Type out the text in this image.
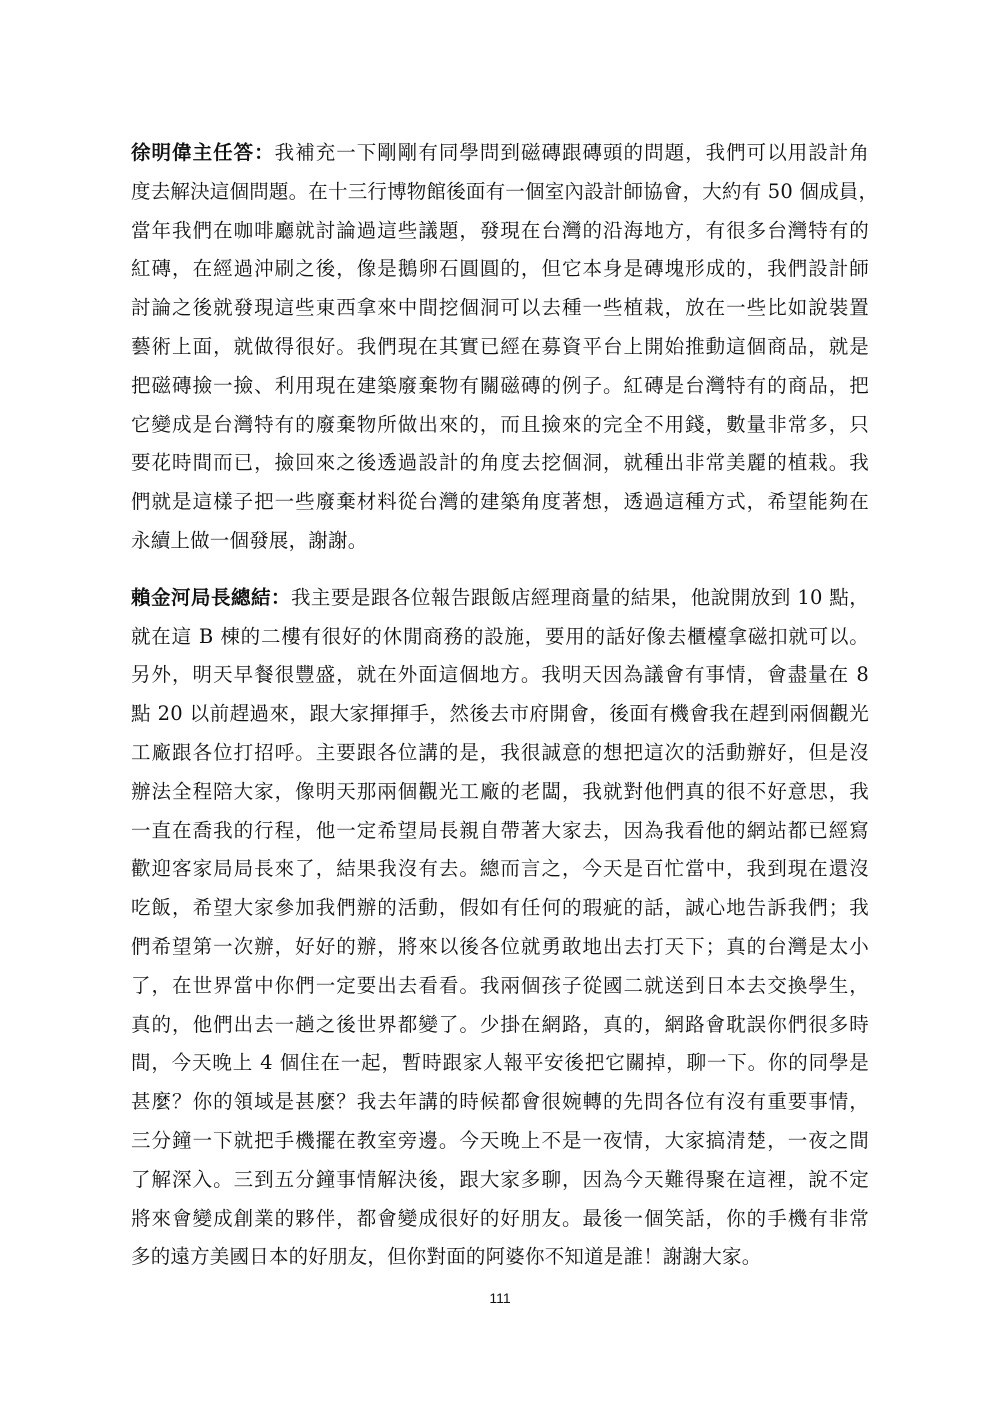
徐明偉主任答：我補充一下剛剛有同學問到磁磚跟磚頭的問題，我們可以用設計角
度去解決這個問題。在十三行博物館後面有一個室內設計師協會，大約有 50 個成員，
當年我們在咖啡廳就討論過這些議題，發現在台灣的沿海地方，有很多台灣特有的
紅磚，在經過沖刷之後，像是鵝卵石圓圓的，但它本身是磚塊形成的，我們設計師
討論之後就發現這些東西拿來中間挖個洞可以去種一些植栽，放在一些比如說裝置
藝術上面，就做得很好。我們現在其實已經在募資平台上開始推動這個商品，就是
把磁磚撿一撿、利用現在建築廢棄物有關磁磚的例子。紅磚是台灣特有的商品，把
它變成是台灣特有的廢棄物所做出來的，而且撿來的完全不用錢，數量非常多，只
要花時間而已，撿回來之後透過設計的角度去挖個洞，就種出非常美麗的植栽。我
們就是這樣子把一些廢棄材料從台灣的建築角度著想，透過這種方式，希望能夠在
永續上做一個發展，謝謝。
賴金河局長總結：我主要是跟各位報告跟飯店經理商量的結果，他說開放到 10 點，
就在這 B 棟的二樓有很好的休閒商務的設施，要用的話好像去櫃檯拿磁扣就可以。
另外，明天早餐很豐盛，就在外面這個地方。我明天因為議會有事情，會盡量在 8
點 20 以前趕過來，跟大家揮揮手，然後去市府開會，後面有機會我在趕到兩個觀光
工廠跟各位打招呼。主要跟各位講的是，我很誠意的想把這次的活動辦好，但是沒
辦法全程陪大家，像明天那兩個觀光工廠的老闆，我就對他們真的很不好意思，我
一直在喬我的行程，他一定希望局長親自帶著大家去，因為我看他的網站都已經寫
歡迎客家局局長來了，結果我沒有去。總而言之，今天是百忙當中，我到現在還沒
吃飯，希望大家參加我們辦的活動，假如有任何的瑕疵的話，誠心地告訴我們；我
們希望第一次辦，好好的辦，將來以後各位就勇敢地出去打天下；真的台灣是太小
了，在世界當中你們一定要出去看看。我兩個孩子從國二就送到日本去交換學生，
真的，他們出去一趟之後世界都變了。少掛在網路，真的，網路會耽誤你們很多時
間，今天晚上 4 個住在一起，暫時跟家人報平安後把它關掉，聊一下。你的同學是
甚麼？你的領域是甚麼？我去年講的時候都會很婉轉的先問各位有沒有重要事情，
三分鐘一下就把手機擺在教室旁邊。今天晚上不是一夜情，大家搞清楚，一夜之間
了解深入。三到五分鐘事情解決後，跟大家多聊，因為今天難得聚在這裡，說不定
將來會變成創業的夥伴，都會變成很好的好朋友。最後一個笑話，你的手機有非常
多的遠方美國日本的好朋友，但你對面的阿婆你不知道是誰！謝謝大家。
111
